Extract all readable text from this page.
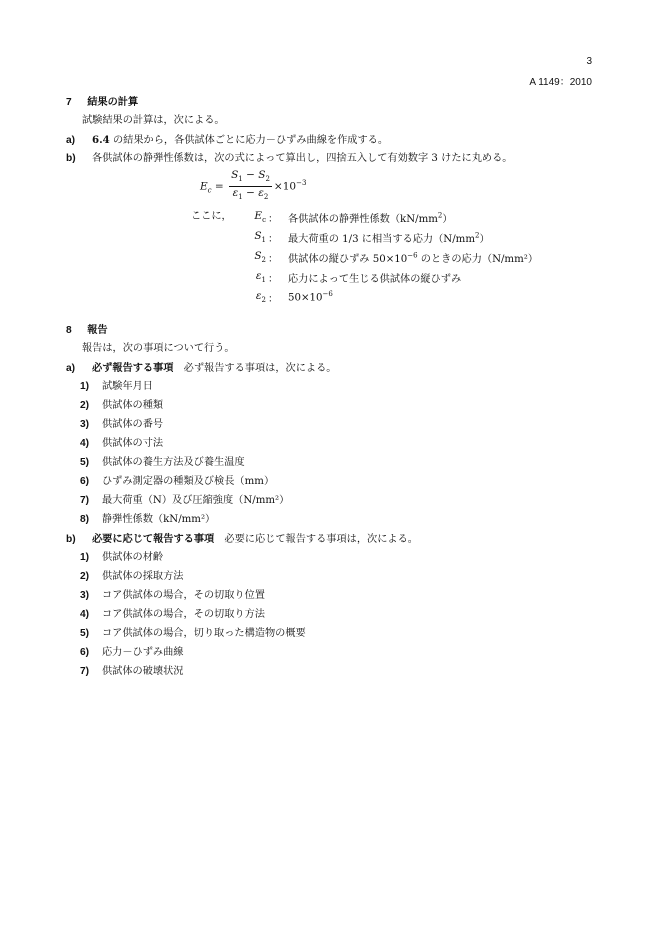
3
A 1149：2010
7 結果の計算
試験結果の計算は，次による。
a) 6.4 の結果から，各供試体ごとに応力－ひずみ曲線を作成する。
b) 各供試体の静弾性係数は，次の式によって算出し，四捨五入して有効数字 3 けたに丸める。
$E_c = \frac{S_1 - S_2}{\varepsilon_1 - \varepsilon_2} \times 10^{-3}$
ここに，	$E_c$ ： 各供試体の静弾性係数$(kN/mm^2)$
$S_1$ ： 最大荷重の 1/3 に相当する応力$(N/mm^2)$
$S_2$ ： 供試体の縦ひずみ $50\times 10^{-6}$ のときの応力（N/mm²）
$\varepsilon_1$ ： 応力によって生じる供試体の縦ひずみ
$\varepsilon_2$ ： $50\times 10^{-6}$
8 報告
報告は，次の事項について行う。
a) 必ず報告する事項　必ず報告する事項は，次による。
1) 試験年月日
2) 供試体の種類
3) 供試体の番号
4) 供試体の寸法
5) 供試体の養生方法及び養生温度
6) ひずみ測定器の種類及び検長（mm）
7) 最大荷重（N）及び圧縮強度（N/mm²）
8) 静弾性係数（kN/mm²）
b) 必要に応じて報告する事項　必要に応じて報告する事項は，次による。
1) 供試体の材齢
2) 供試体の採取方法
3) コア供試体の場合，その切取り位置
4) コア供試体の場合，その切取り方法
5) コア供試体の場合，切り取った構造物の概要
6) 応力－ひずみ曲線
7) 供試体の破壊状況
